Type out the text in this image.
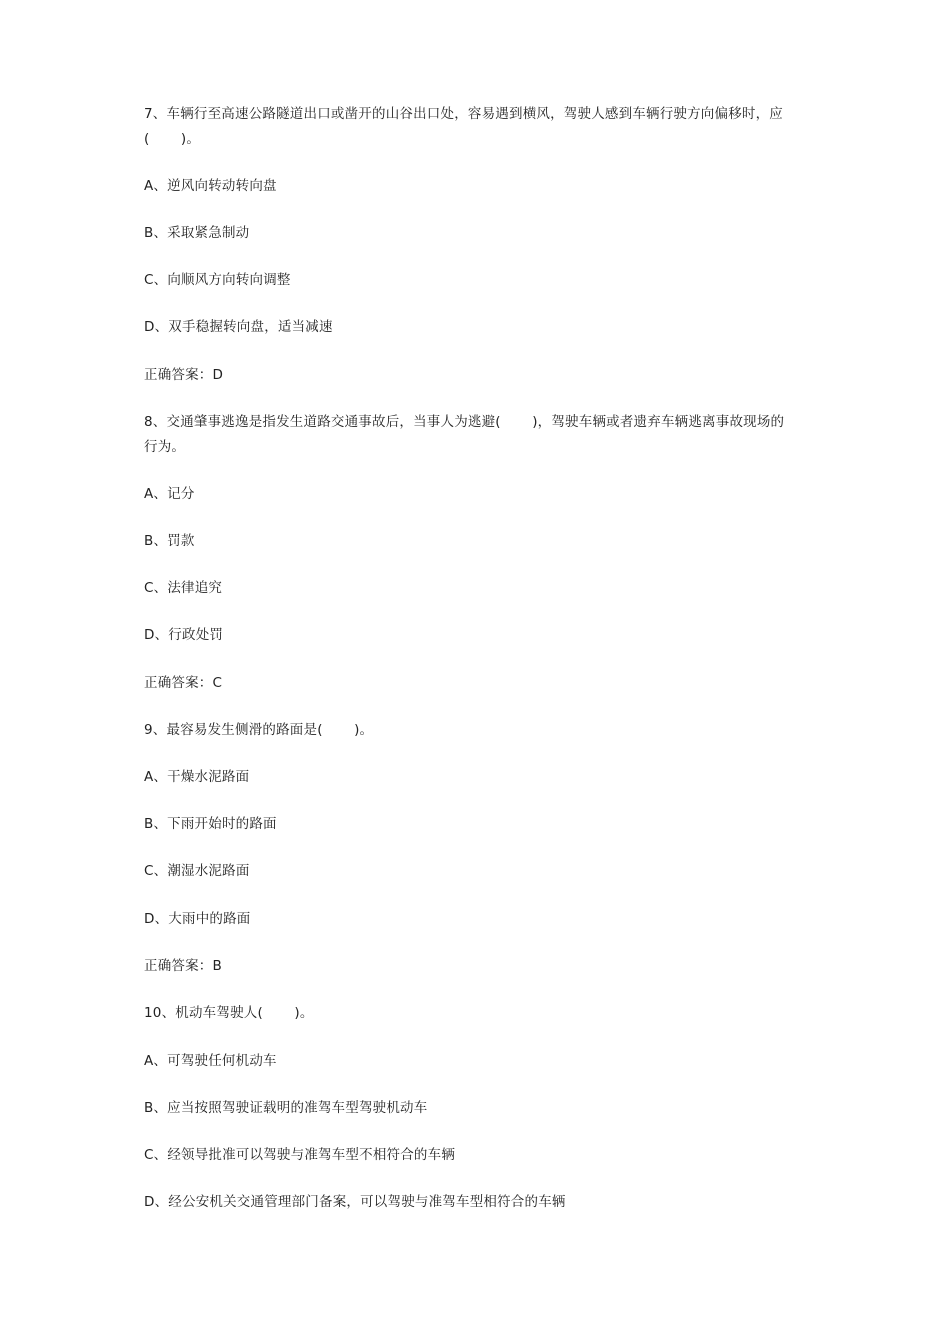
7、车辆行至高速公路隧道出口或凿开的山谷出口处，容易遇到横风，驾驶人感到车辆行驶方向偏移时，应
(       )。
A、逆风向转动转向盘
B、采取紧急制动
C、向顺风方向转向调整
D、双手稳握转向盘，适当减速
正确答案：D
8、交通肇事逃逸是指发生道路交通事故后，当事人为逃避(       )，驾驶车辆或者遗弃车辆逃离事故现场的
行为。
A、记分
B、罚款
C、法律追究
D、行政处罚
正确答案：C
9、最容易发生侧滑的路面是(       )。
A、干燥水泥路面
B、下雨开始时的路面
C、潮湿水泥路面
D、大雨中的路面
正确答案：B
10、机动车驾驶人(       )。
A、可驾驶任何机动车
B、应当按照驾驶证载明的准驾车型驾驶机动车
C、经领导批准可以驾驶与准驾车型不相符合的车辆
D、经公安机关交通管理部门备案，可以驾驶与准驾车型相符合的车辆
